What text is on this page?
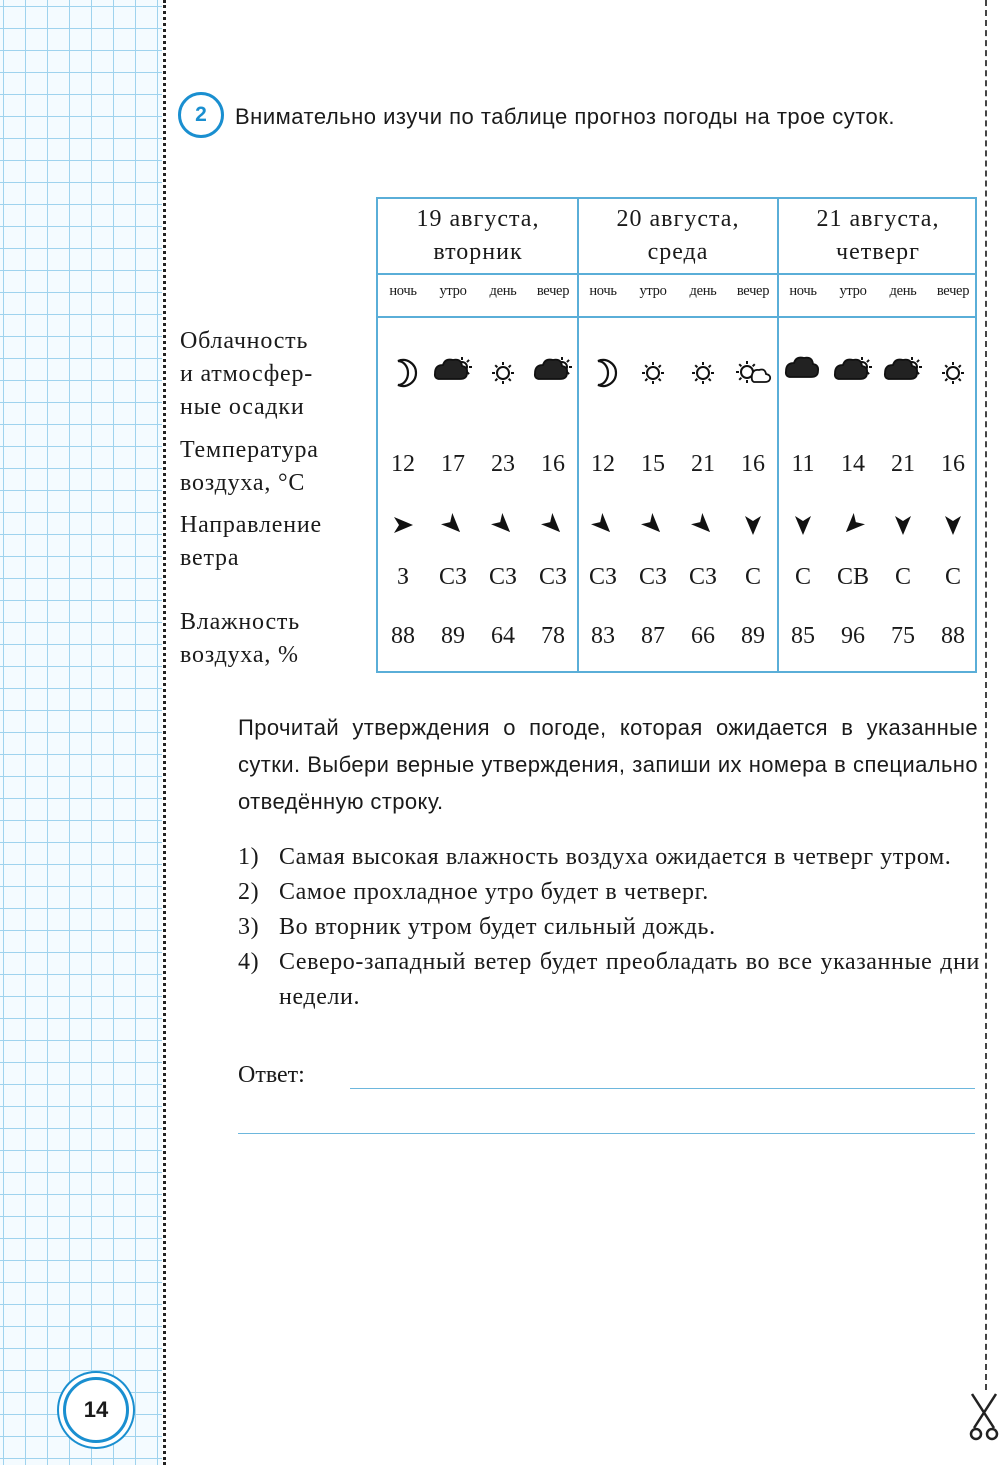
14
2	Внимательно изучи по таблице прогноз погоды на трое суток.
Облачность
и атмосфер-
ные осадки
Температура
воздуха, °C
Направление
ветра
Влажность
воздуха, %
19 августа,
вторник
20 августа,
среда
21 августа,
четверг
ночь
12
З
88
утро
17
СЗ
89
день
23
СЗ
64
вечер
16
СЗ
78
ночь
12
СЗ
83
утро
15
СЗ
87
день
21
СЗ
66
вечер
16
С
89
ночь
11
С
85
утро
14
СВ
96
день
21
С
75
вечер
16
С
88
Прочитай утверждения о погоде, которая ожидается в указанные сутки. Выбери верные утверждения, запиши их номера в специально отведённую строку.
1) Самая высокая влажность воздуха ожидается в четверг утром.
2) Самое прохладное утро будет в четверг.
3) Во вторник утром будет сильный дождь.
4) Северо-западный ветер будет преобладать во все указанные дни недели.
Ответ:
